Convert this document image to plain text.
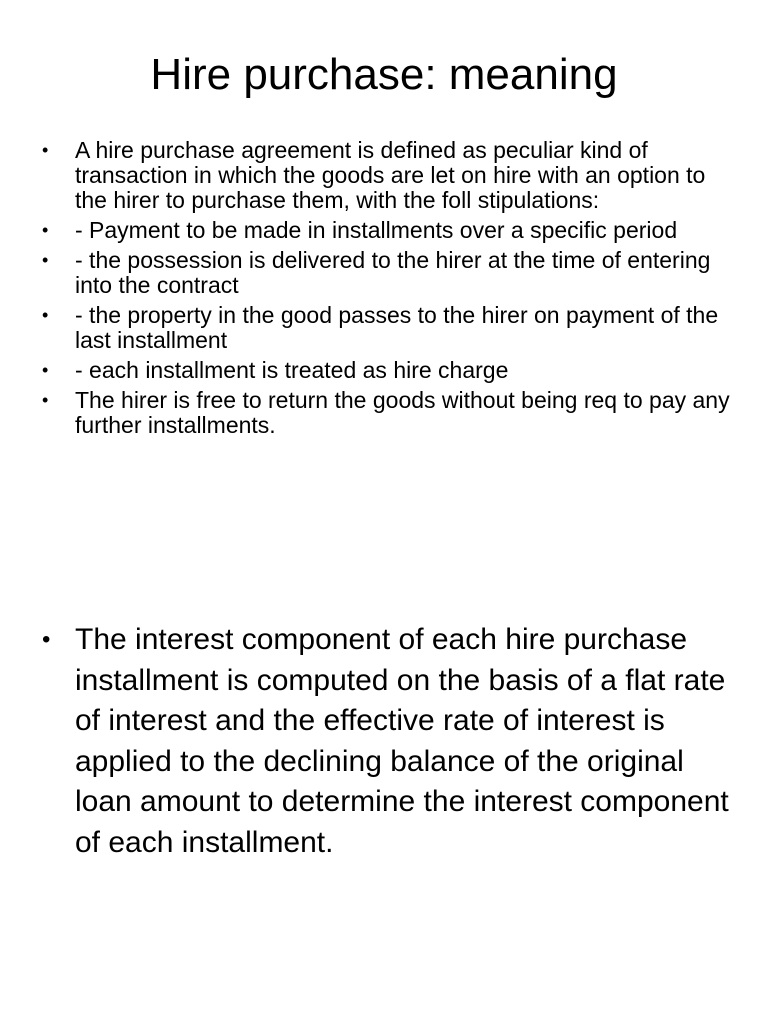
Hire purchase: meaning
• A hire purchase agreement is defined as peculiar kind of transaction in which the goods are let on hire with an option to the hirer to purchase them, with the foll stipulations:
• - Payment to be made in installments over a specific period
• - the possession is delivered to the hirer at the time of entering into the contract
• - the property in the good passes to the hirer on payment of the last installment
• - each installment is treated as hire charge
• The hirer is free to return the goods without being req to pay any further installments.
• The interest component of each hire purchase installment is computed on the basis of a flat rate of interest and the effective rate of interest is applied to the declining balance of the original loan amount to determine the interest component of each installment.
